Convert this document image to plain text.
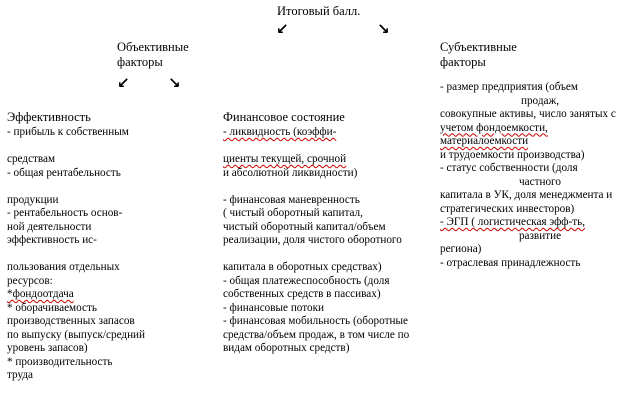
Итоговый балл.
↙	↘
Объективные
факторы
↙	↘
Субъективные
факторы
- размер предприятия (объем
продаж,
совокупные активы, число занятых с
учетом фондоемкости,
материалоемкости
и трудоемкости производства)
- статус собственности (доля
частного
капитала в УК, доля менеджмента и
стратегических инвесторов)
- ЭГП ( логистическая эфф-ть,
развитие
региона)
- отраслевая принадлежность
Эффективность
- прибыль к собственным
средствам
- общая рентабельность
продукции
- рентабельность основ-
ной деятельности
эффективность ис-
пользования отдельных
ресурсов:
*фондоотдача
* оборачиваемость
производственных запасов
по выпуску (выпуск/средний
уровень запасов)
* производительность
труда
Финансовое состояние
- ликвидность (коэффи-
циенты текущей, срочной
и абсолютной ликвидности)
- финансовая маневренность
( чистый оборотный капитал,
чистый оборотный капитал/объем
реализации, доля чистого оборотного
капитала в оборотных средствах)
- общая платежеспособность (доля
собственных средств в пассивах)
- финансовые потоки
- финансовая мобильность (оборотные
средства/объем продаж, в том числе по
видам оборотных средств)
